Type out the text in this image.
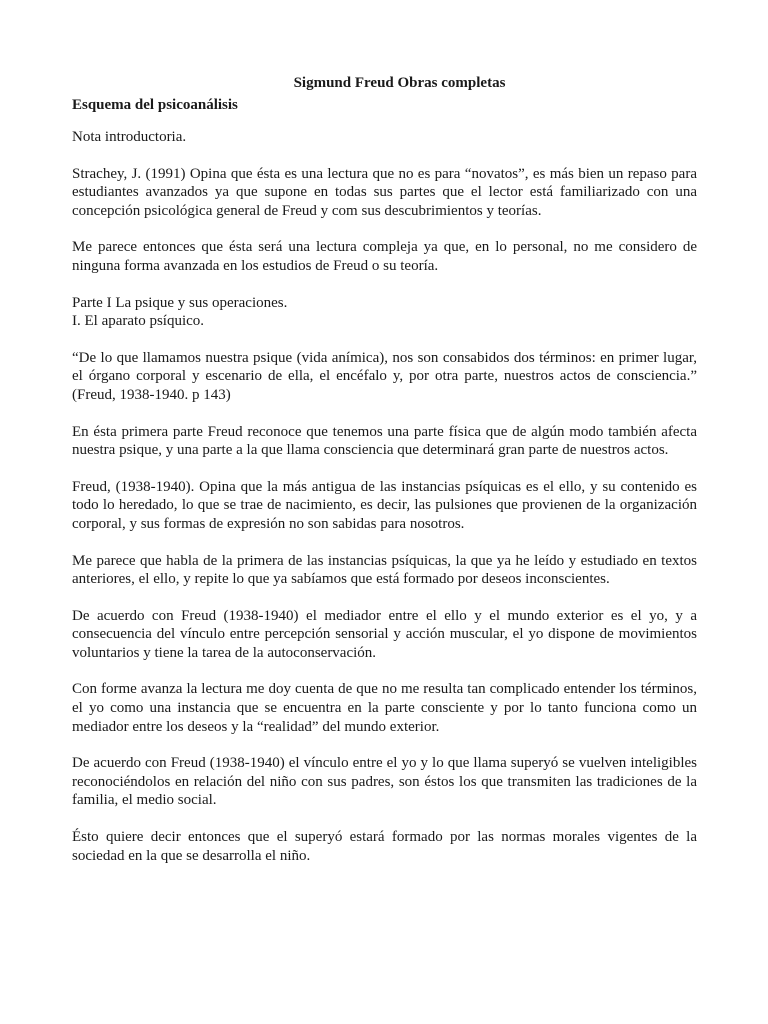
Sigmund Freud Obras completas
Esquema del psicoanálisis

Nota introductoria.

Strachey, J. (1991) Opina que ésta es una lectura que no es para “novatos”, es más bien un repaso para estudiantes avanzados ya que supone en todas sus partes que el lector está familiarizado con una concepción psicológica general de Freud y com sus descubrimientos y teorías.

Me parece entonces que ésta será una lectura compleja ya que, en lo personal, no me considero de ninguna forma avanzada en los estudios de Freud o su teoría.

Parte I La psique y sus operaciones.

I. El aparato psíquico.

“De lo que llamamos nuestra psique (vida anímica), nos son consabidos dos términos: en primer lugar, el órgano corporal y escenario de ella, el encéfalo y, por otra parte, nuestros actos de consciencia.” (Freud, 1938-1940. p 143)

En ésta primera parte Freud reconoce que tenemos una parte física que de algún modo también afecta nuestra psique, y una parte a la que llama consciencia que determinará gran parte de nuestros actos.

Freud, (1938-1940). Opina que la más antigua de las instancias psíquicas es el ello, y su contenido es todo lo heredado, lo que se trae de nacimiento, es decir, las pulsiones que provienen de la organización corporal, y sus formas de expresión no son sabidas para nosotros.

Me parece que habla de la primera de las instancias psíquicas, la que ya he leído y estudiado en textos anteriores, el ello, y repite lo que ya sabíamos que está formado por deseos inconscientes.

De acuerdo con Freud (1938-1940) el mediador entre el ello y el mundo exterior es el yo, y a consecuencia del vínculo entre percepción sensorial y acción muscular, el yo dispone de movimientos voluntarios y tiene la tarea de la autoconservación.

Con forme avanza la lectura me doy cuenta de que no me resulta tan complicado entender los términos, el yo como una instancia que se encuentra en la parte consciente y por lo tanto funciona como un mediador entre los deseos y la “realidad” del mundo exterior.

De acuerdo con Freud (1938-1940) el vínculo entre el yo y lo que llama superyó se vuelven inteligibles reconociéndolos en relación del niño con sus padres, son éstos los que transmiten las tradiciones de la familia, el medio social.

Ésto quiere decir entonces que el superyó estará formado por las normas morales vigentes de la sociedad en la que se desarrolla el niño.
